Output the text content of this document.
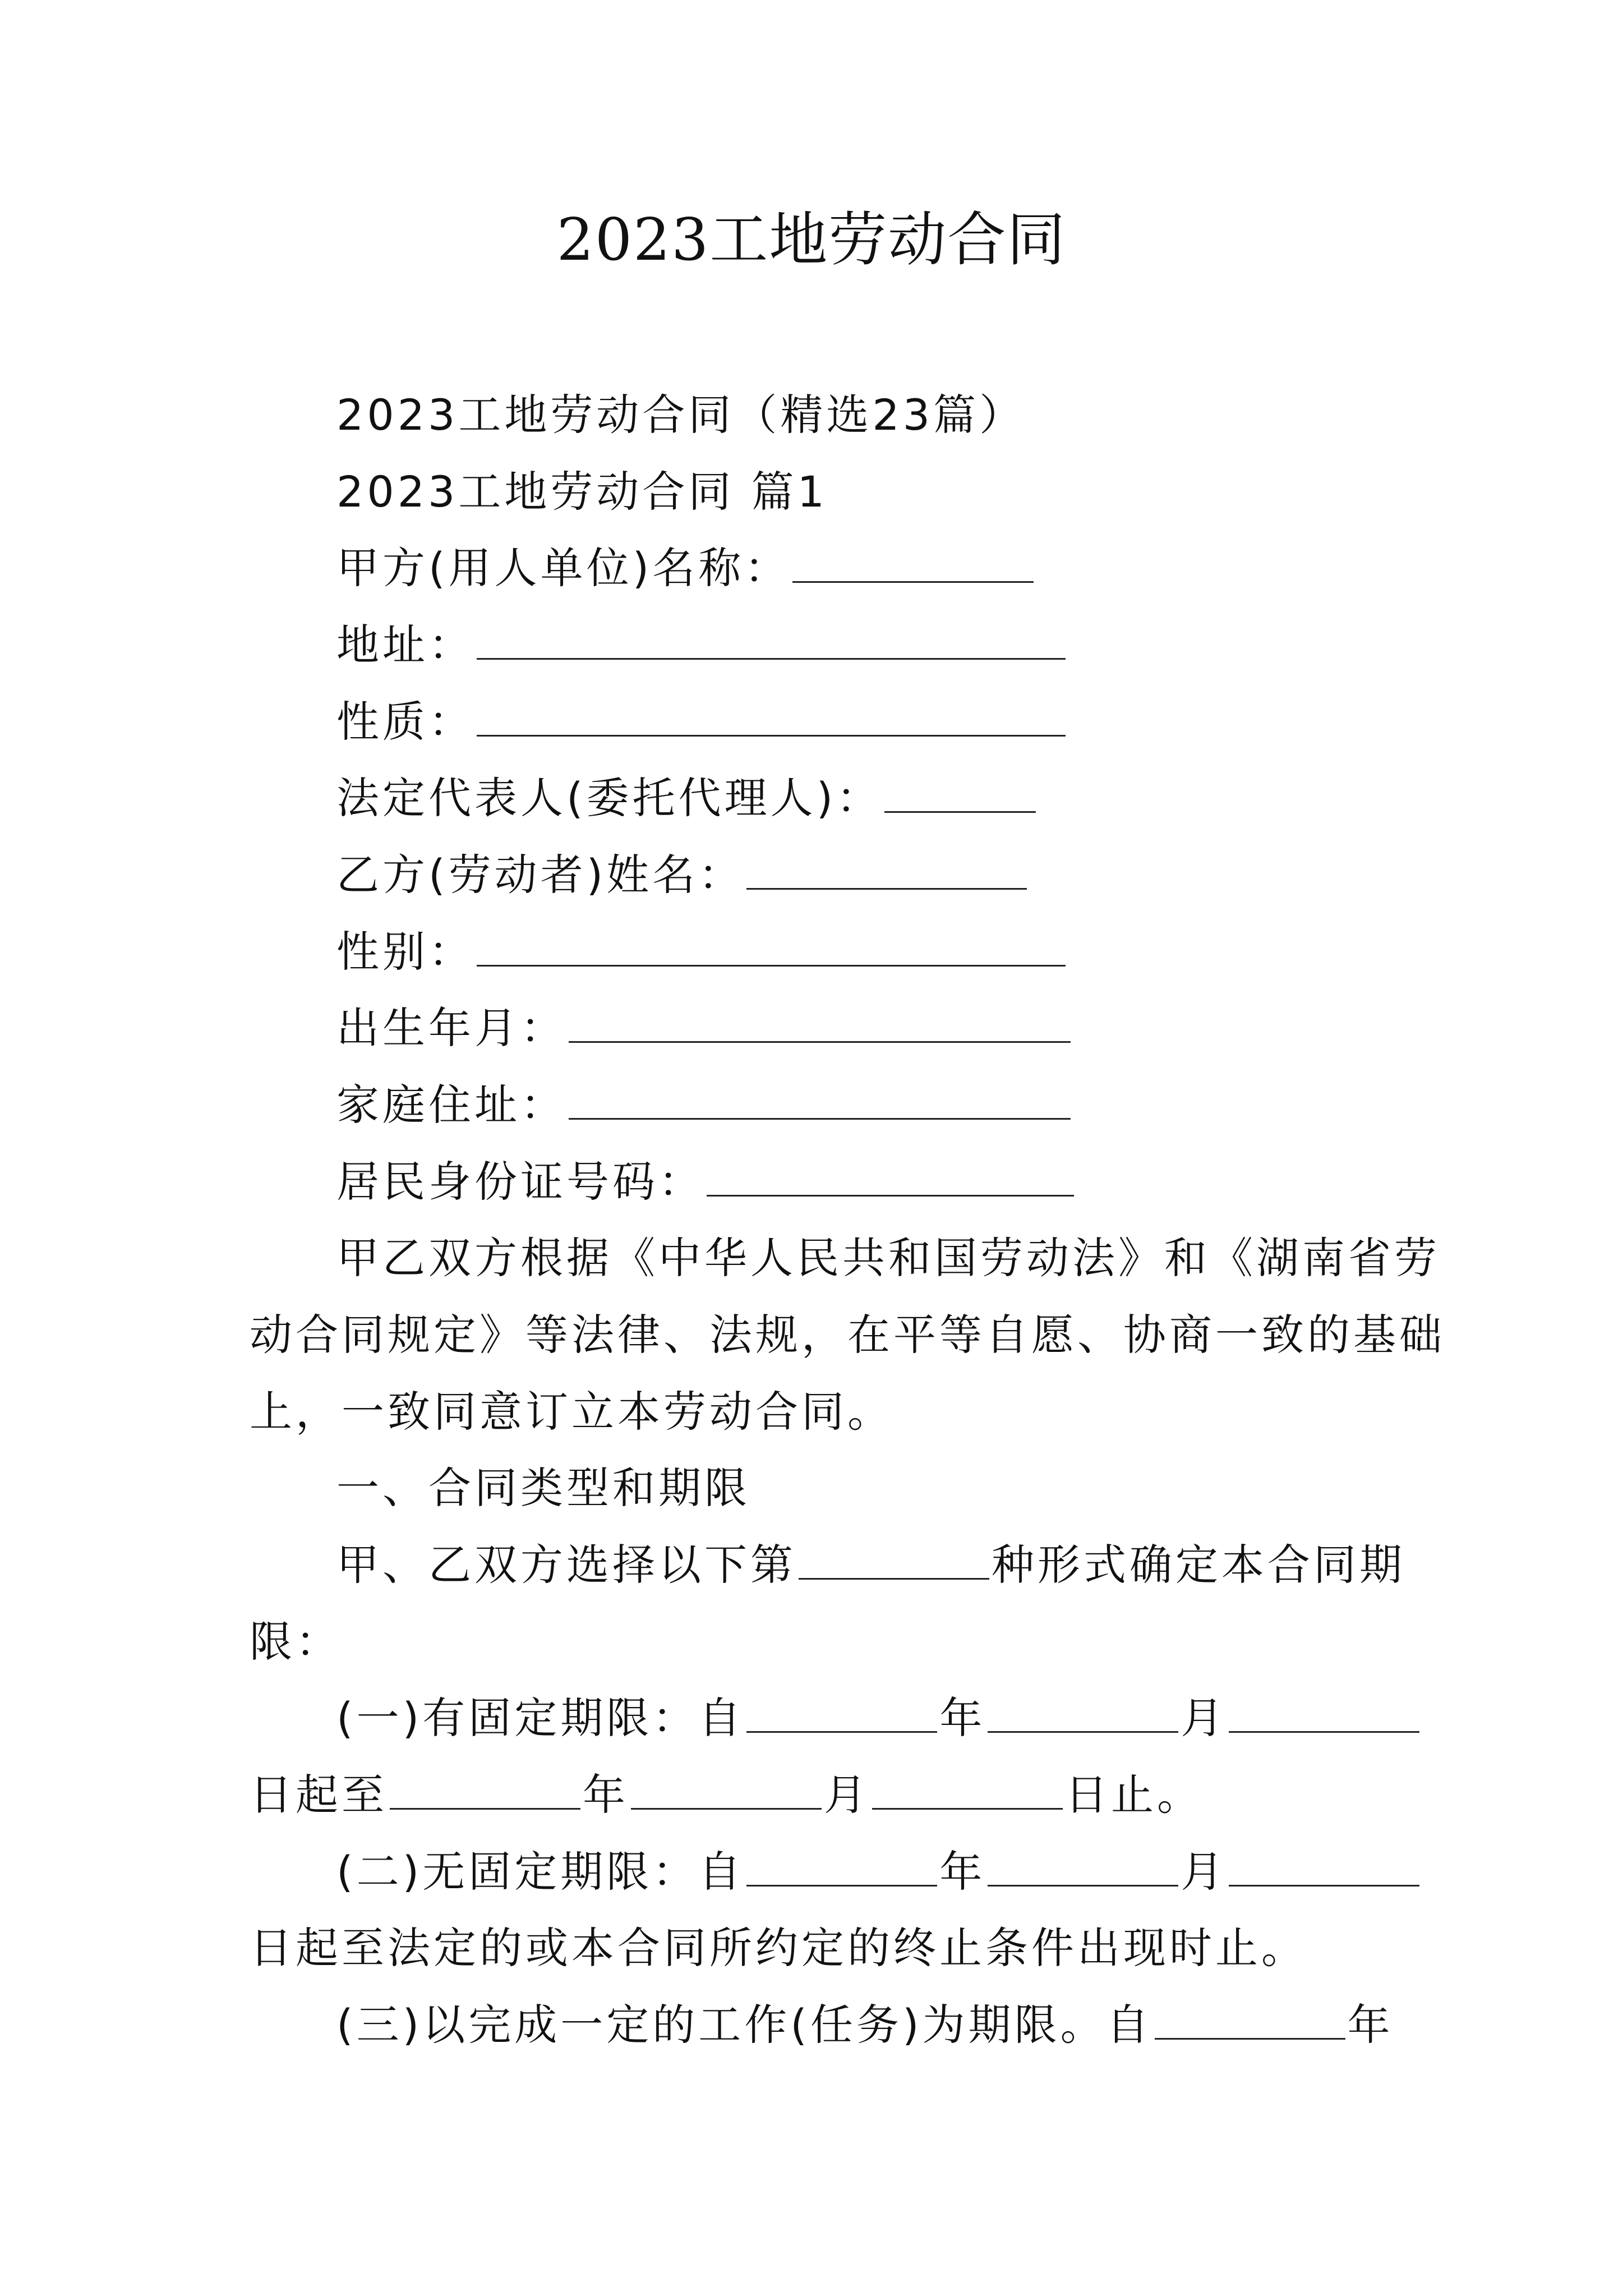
2023工地劳动合同
2023工地劳动合同（精选23篇）
2023工地劳动合同 篇1
甲方(用人单位)名称：
地址：
性质：
法定代表人(委托代理人)：
乙方(劳动者)姓名：
性别：
出生年月：
家庭住址：
居民身份证号码：
甲乙双方根据《中华人民共和国劳动法》和《湖南省劳
动合同规定》等法律、法规，在平等自愿、协商一致的基础
上，一致同意订立本劳动合同。
一、合同类型和期限
甲、乙双方选择以下第	种形式确定本合同期
限：
(一)有固定期限：自	年	月
日起至	年	月	日止。
(二)无固定期限：自	年	月
日起至法定的或本合同所约定的终止条件出现时止。
(三)以完成一定的工作(任务)为期限。自	年
